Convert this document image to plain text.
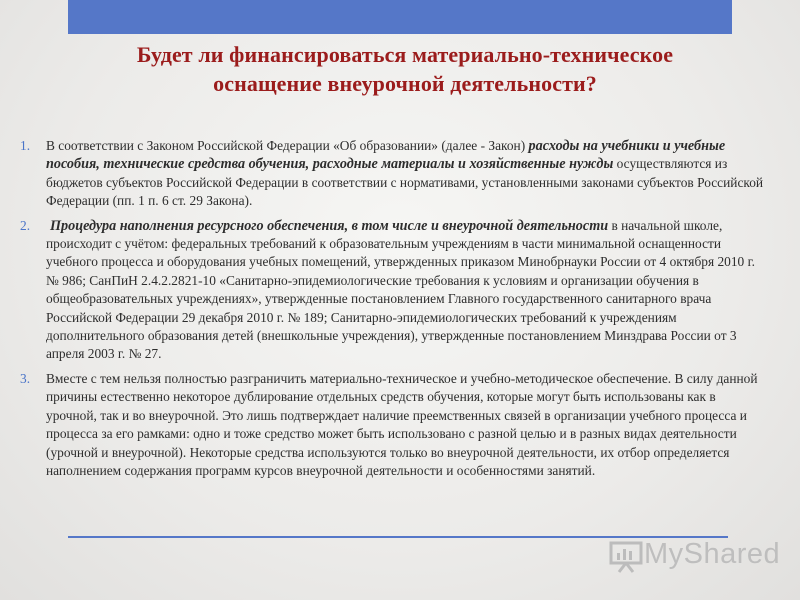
Будет ли финансироваться материально-техническое
оснащение внеурочной деятельности?
1. В соответствии с Законом Российской Федерации «Об образовании» (далее - Закон) расходы на учебники и учебные пособия, технические средства обучения, расходные материалы и хозяйственные нужды осуществляются из бюджетов субъектов Российской Федерации в соответствии с нормативами, установленными законами субъектов Российской Федерации (пп. 1 п. 6 ст. 29 Закона).
2. Процедура наполнения ресурсного обеспечения, в том числе и внеурочной деятельности в начальной школе, происходит с учётом: федеральных требований к образовательным учреждениям в части минимальной оснащенности учебного процесса и оборудования учебных помещений, утвержденных приказом Минобрнауки России от 4 октября 2010 г. № 986; СанПиН 2.4.2.2821-10 «Санитарно-эпидемиологические требования к условиям и организации обучения в общеобразовательных учреждениях», утвержденные постановлением Главного государственного санитарного врача Российской Федерации 29 декабря 2010 г. № 189; Санитарно-эпидемиологических требований к учреждениям дополнительного образования детей (внешкольные учреждения), утвержденные постановлением Минздрава России от 3 апреля 2003 г. № 27.
3. Вместе с тем нельзя полностью разграничить материально-техническое и учебно-методическое обеспечение. В силу данной причины естественно некоторое дублирование отдельных средств обучения, которые могут быть использованы как в урочной, так и во внеурочной. Это лишь подтверждает наличие преемственных связей в организации учебного процесса и процесса за его рамками: одно и тоже средство может быть использовано с разной целью и в разных видах деятельности (урочной и внеурочной). Некоторые средства используются только во внеурочной деятельности, их отбор определяется наполнением содержания программ курсов внеурочной деятельности и особенностями занятий.
MyShared
